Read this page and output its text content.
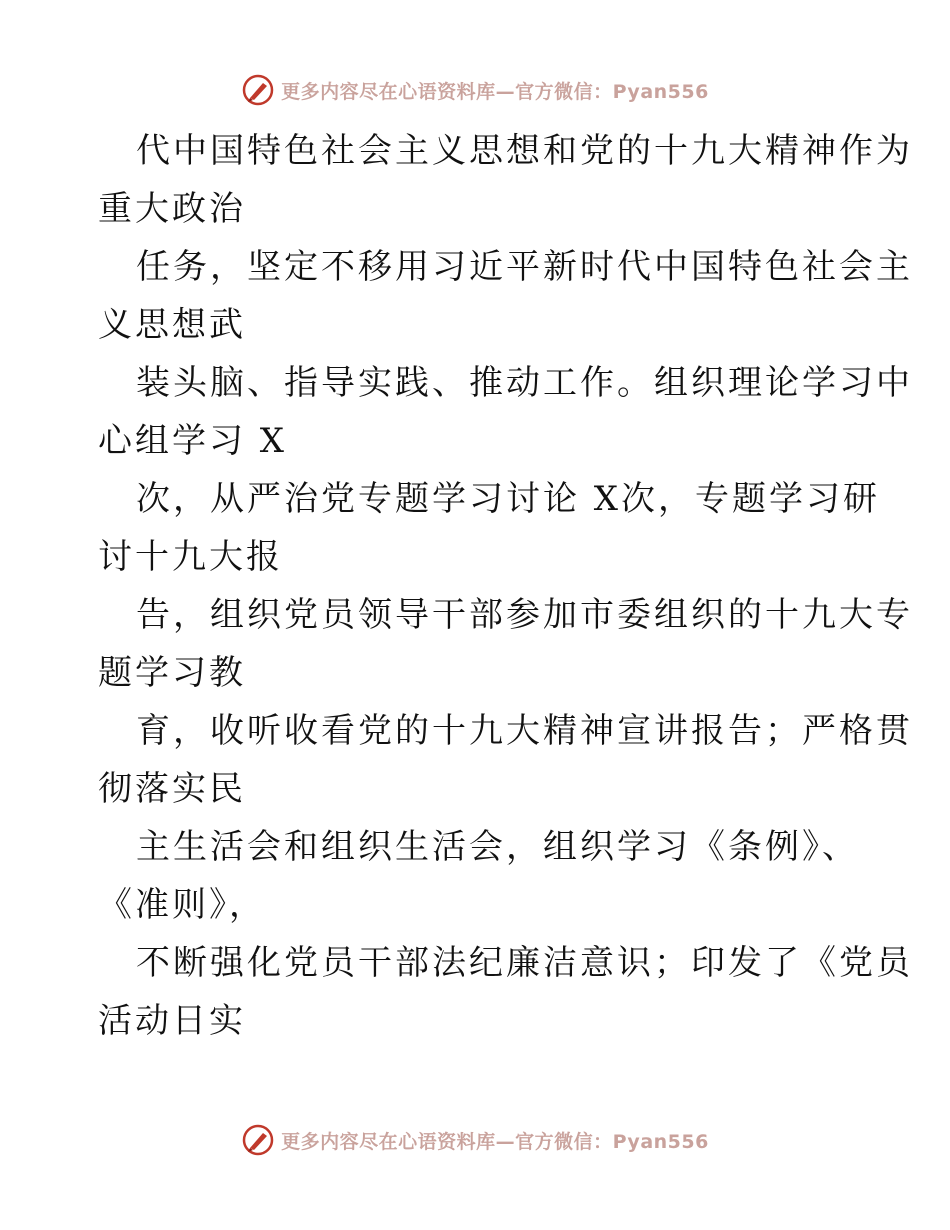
更多内容尽在心语资料库—官方微信：Pyan556
代中国特色社会主义思想和党的十九大精神作为
重大政治
任务，坚定不移用习近平新时代中国特色社会主
义思想武
装头脑、指导实践、推动工作。组织理论学习中
心组学习 X
次，从严治党专题学习讨论 X次，专题学习研
讨十九大报
告，组织党员领导干部参加市委组织的十九大专
题学习教
育，收听收看党的十九大精神宣讲报告；严格贯
彻落实民
主生活会和组织生活会，组织学习《条例》、
《准则》，
不断强化党员干部法纪廉洁意识；印发了《党员
活动日实
更多内容尽在心语资料库—官方微信：Pyan556
